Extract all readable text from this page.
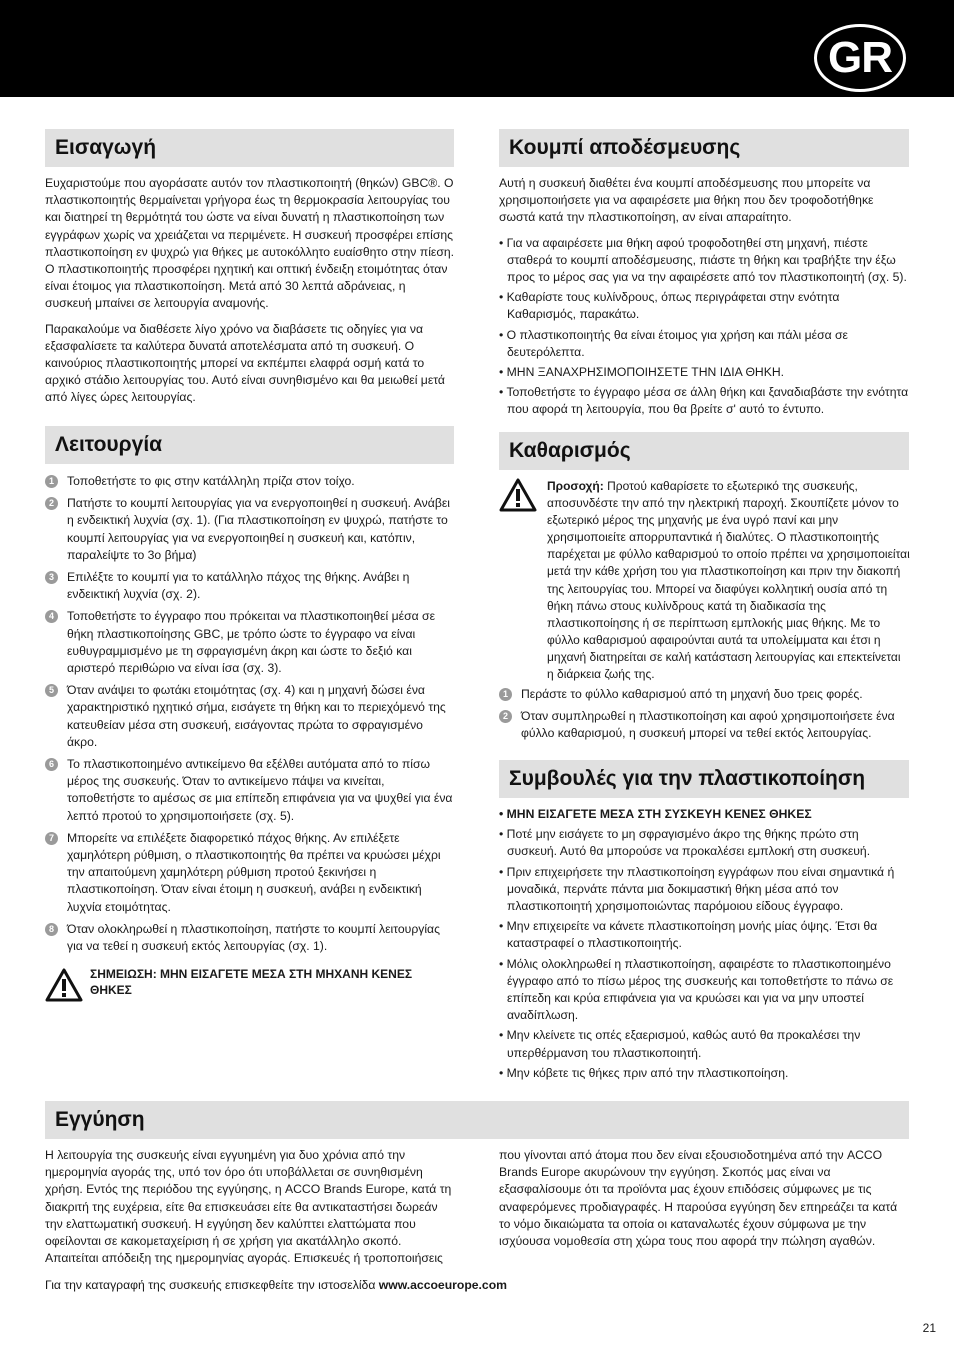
GR
Εισαγωγή

Ευχαριστούμε που αγοράσατε αυτόν τον πλαστικοποιητή (θηκών) GBC®. Ο πλαστικοποιητής θερμαίνεται γρήγορα έως τη θερμοκρασία λειτουργίας του και διατηρεί τη θερμότητά του ώστε να είναι δυνατή η πλαστικοποίηση των εγγράφων χωρίς να χρειάζεται να περιμένετε. Η συσκευή προσφέρει επίσης πλαστικοποίηση εν ψυχρώ για θήκες με αυτοκόλλητο ευαίσθητο στην πίεση. Ο πλαστικοποιητής προσφέρει ηχητική και οπτική ένδειξη ετοιμότητας όταν είναι έτοιμος για πλαστικοποίηση. Μετά από 30 λεπτά αδράνειας, η συσκευή μπαίνει σε λειτουργία αναμονής.

Παρακαλούμε να διαθέσετε λίγο χρόνο να διαβάσετε τις οδηγίες για να εξασφαλίσετε τα καλύτερα δυνατά αποτελέσματα από τη συσκευή. Ο καινούριος πλαστικοποιητής μπορεί να εκπέμπει ελαφρά οσμή κατά το αρχικό στάδιο λειτουργίας του. Αυτό είναι συνηθισμένο και θα μειωθεί μετά από λίγες ώρες λειτουργίας.

Λειτουργία
1	Τοποθετήστε το φις στην κατάλληλη πρίζα στον τοίχο.
2	Πατήστε το κουμπί λειτουργίας για να ενεργοποιηθεί η συσκευή. Ανάβει η ενδεικτική λυχνία (σχ. 1). (Για πλαστικοποίηση εν ψυχρώ, πατήστε το κουμπί λειτουργίας για να ενεργοποιηθεί η συσκευή και, κατόπιν, παραλείψτε το 3ο βήμα)
3	Επιλέξτε το κουμπί για το κατάλληλο πάχος της θήκης. Ανάβει η ενδεικτική λυχνία (σχ. 2).
4	Τοποθετήστε το έγγραφο που πρόκειται να πλαστικοποιηθεί μέσα σε θήκη πλαστικοποίησης GBC, με τρόπο ώστε το έγγραφο να είναι ευθυγραμμισμένο με τη σφραγισμένη άκρη και ώστε το δεξιό και αριστερό περιθώριο να είναι ίσα (σχ. 3).
5	Όταν ανάψει το φωτάκι ετοιμότητας (σχ. 4) και η μηχανή δώσει ένα χαρακτηριστικό ηχητικό σήμα, εισάγετε τη θήκη και το περιεχόμενό της κατευθείαν μέσα στη συσκευή, εισάγοντας πρώτα το σφραγισμένο άκρο.
6	Το πλαστικοποιημένο αντικείμενο θα εξέλθει αυτόματα από το πίσω μέρος της συσκευής. Όταν το αντικείμενο πάψει να κινείται, τοποθετήστε το αμέσως σε μια επίπεδη επιφάνεια για να ψυχθεί για ένα λεπτό προτού το χρησιμοποιήσετε (σχ. 5).
7	Μπορείτε να επιλέξετε διαφορετικό πάχος θήκης. Αν επιλέξετε χαμηλότερη ρύθμιση, ο πλαστικοποιητής θα πρέπει να κρυώσει μέχρι την απαιτούμενη χαμηλότερη ρύθμιση προτού ξεκινήσει η πλαστικοποίηση. Όταν είναι έτοιμη η συσκευή, ανάβει η ενδεικτική λυχνία ετοιμότητας.
8	Όταν ολοκληρωθεί η πλαστικοποίηση, πατήστε το κουμπί λειτουργίας για να τεθεί η συσκευή εκτός λειτουργίας (σχ. 1).
ΣΗΜΕΙΩΣΗ: ΜΗΝ ΕΙΣΑΓΕΤΕ ΜΕΣΑ ΣΤΗ ΜΗΧΑΝΗ ΚΕΝΕΣ ΘΗΚΕΣ
Κουμπί αποδέσμευσης

Αυτή η συσκευή διαθέτει ένα κουμπί αποδέσμευσης που μπορείτε να χρησιμοποιήσετε για να αφαιρέσετε μια θήκη που δεν τροφοδοτήθηκε σωστά κατά την πλαστικοποίηση, αν είναι απαραίτητο.

• Για να αφαιρέσετε μια θήκη αφού τροφοδοτηθεί στη μηχανή, πιέστε σταθερά το κουμπί αποδέσμευσης, πιάστε τη θήκη και τραβήξτε την έξω προς το μέρος σας για να την αφαιρέσετε από τον πλαστικοποιητή (σχ. 5).
• Καθαρίστε τους κυλίνδρους, όπως περιγράφεται στην ενότητα Καθαρισμός, παρακάτω.
• Ο πλαστικοποιητής θα είναι έτοιμος για χρήση και πάλι μέσα σε δευτερόλεπτα.
• ΜΗΝ ΞΑΝΑΧΡΗΣΙΜΟΠΟΙΗΣΕΤΕ ΤΗΝ ΙΔΙΑ ΘΗΚΗ.
• Τοποθετήστε το έγγραφο μέσα σε άλλη θήκη και ξαναδιαβάστε την ενότητα που αφορά τη λειτουργία, που θα βρείτε σ' αυτό το έντυπο.
Καθαρισμός
Προσοχή: Προτού καθαρίσετε το εξωτερικό της συσκευής, αποσυνδέστε την από την ηλεκτρική παροχή. Σκουπίζετε μόνον το εξωτερικό μέρος της μηχανής με ένα υγρό πανί και μην χρησιμοποιείτε απορρυπαντικά ή διαλύτες. Ο πλαστικοποιητής παρέχεται με φύλλο καθαρισμού το οποίο πρέπει να χρησιμοποιείται μετά την κάθε χρήση του για πλαστικοποίηση και πριν την διακοπή της λειτουργίας του. Μπορεί να διαφύγει κολλητική ουσία από τη θήκη πάνω στους κυλίνδρους κατά τη διαδικασία της πλαστικοποίησης ή σε περίπτωση εμπλοκής μιας θήκης. Με το φύλλο καθαρισμού αφαιρούνται αυτά τα υπολείμματα και έτσι η μηχανή διατηρείται σε καλή κατάσταση λειτουργίας και επεκτείνεται η διάρκεια ζωής της.
1	Περάστε το φύλλο καθαρισμού από τη μηχανή δυο τρεις φορές.
2	Όταν συμπληρωθεί η πλαστικοποίηση και αφού χρησιμοποιήσετε ένα φύλλο καθαρισμού, η συσκευή μπορεί να τεθεί εκτός λειτουργίας.
Συμβουλές για την πλαστικοποίηση
• ΜΗΝ ΕΙΣΑΓΕΤΕ ΜΕΣΑ ΣΤΗ ΣΥΣΚΕΥΗ ΚΕΝΕΣ ΘΗΚΕΣ
• Ποτέ μην εισάγετε το μη σφραγισμένο άκρο της θήκης πρώτο στη συσκευή. Αυτό θα μπορούσε να προκαλέσει εμπλοκή στη συσκευή.
• Πριν επιχειρήσετε την πλαστικοποίηση εγγράφων που είναι σημαντικά ή μοναδικά, περνάτε πάντα μια δοκιμαστική θήκη μέσα από τον πλαστικοποιητή χρησιμοποιώντας παρόμοιου είδους έγγραφο.
• Μην επιχειρείτε να κάνετε πλαστικοποίηση μονής μίας όψης. Έτσι θα καταστραφεί ο πλαστικοποιητής.
• Μόλις ολοκληρωθεί η πλαστικοποίηση, αφαιρέστε το πλαστικοποιημένο έγγραφο από το πίσω μέρος της συσκευής και τοποθετήστε το πάνω σε επίπεδη και κρύα επιφάνεια για να κρυώσει και για να μην υποστεί αναδίπλωση.
• Μην κλείνετε τις οπές εξαερισμού, καθώς αυτό θα προκαλέσει την υπερθέρμανση του πλαστικοποιητή.
• Μην κόβετε τις θήκες πριν από την πλαστικοποίηση.
Εγγύηση
Η λειτουργία της συσκευής είναι εγγυημένη για δυο χρόνια από την ημερομηνία αγοράς της, υπό τον όρο ότι υποβάλλεται σε συνηθισμένη χρήση. Εντός της περιόδου της εγγύησης, η ACCO Brands Europe, κατά τη διακριτή της ευχέρεια, είτε θα επισκευάσει είτε θα αντικαταστήσει δωρεάν την ελαττωματική συσκευή. Η εγγύηση δεν καλύπτει ελαττώματα που οφείλονται σε κακομεταχείριση ή σε χρήση για ακατάλληλο σκοπό. Απαιτείται απόδειξη της ημερομηνίας αγοράς. Επισκευές ή τροποποιήσεις
που γίνονται από άτομα που δεν είναι εξουσιοδοτημένα από την ACCO Brands Europe ακυρώνουν την εγγύηση. Σκοπός μας είναι να εξασφαλίσουμε ότι τα προϊόντα μας έχουν επιδόσεις σύμφωνες με τις αναφερόμενες προδιαγραφές. Η παρούσα εγγύηση δεν επηρεάζει τα κατά το νόμο δικαιώματα τα οποία οι καταναλωτές έχουν σύμφωνα με την ισχύουσα νομοθεσία στη χώρα τους που αφορά την πώληση αγαθών.
Για την καταγραφή της συσκευής επισκεφθείτε την ιστοσελίδα www.accoeurope.com
21
